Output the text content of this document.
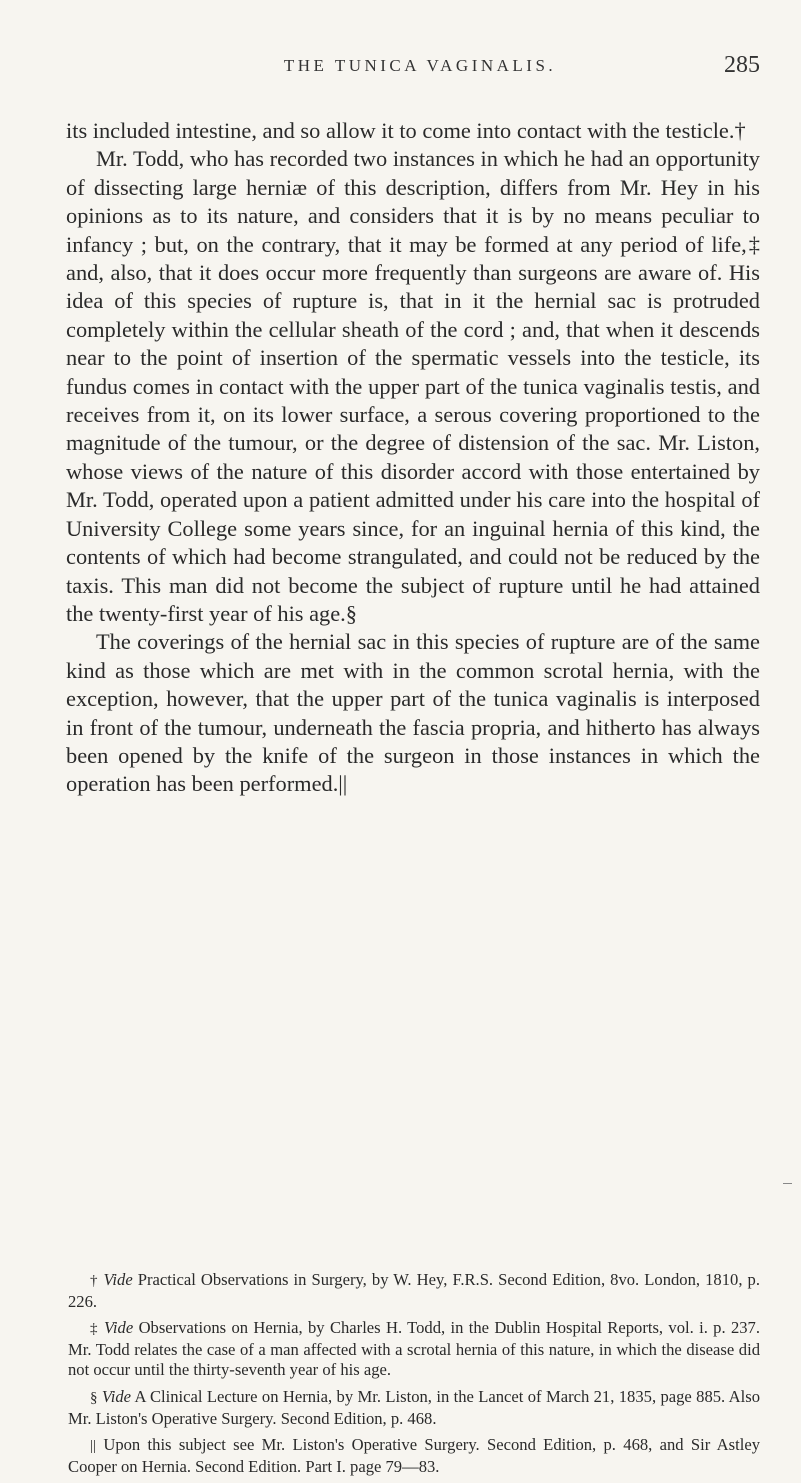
THE TUNICA VAGINALIS.	285

its included intestine, and so allow it to come into contact with the testicle.†

Mr. Todd, who has recorded two instances in which he had an opportunity of dissecting large herniæ of this description, differs from Mr. Hey in his opinions as to its nature, and considers that it is by no means peculiar to infancy ; but, on the contrary, that it may be formed at any period of life,‡ and, also, that it does occur more frequently than surgeons are aware of. His idea of this species of rupture is, that in it the hernial sac is protruded completely within the cellular sheath of the cord ; and, that when it descends near to the point of insertion of the spermatic vessels into the testicle, its fundus comes in contact with the upper part of the tunica vaginalis testis, and receives from it, on its lower surface, a serous covering proportioned to the magnitude of the tumour, or the degree of distension of the sac. Mr. Liston, whose views of the nature of this disorder accord with those entertained by Mr. Todd, operated upon a patient admitted under his care into the hospital of University College some years since, for an inguinal hernia of this kind, the contents of which had become strangulated, and could not be reduced by the taxis. This man did not become the subject of rupture until he had attained the twenty-first year of his age.§

The coverings of the hernial sac in this species of rupture are of the same kind as those which are met with in the common scrotal hernia, with the exception, however, that the upper part of the tunica vaginalis is interposed in front of the tumour, underneath the fascia propria, and hitherto has always been opened by the knife of the surgeon in those instances in which the operation has been performed.||

† Vide Practical Observations in Surgery, by W. Hey, F.R.S. Second Edition, 8vo. London, 1810, p. 226.

‡ Vide Observations on Hernia, by Charles H. Todd, in the Dublin Hospital Reports, vol. i. p. 237. Mr. Todd relates the case of a man affected with a scrotal hernia of this nature, in which the disease did not occur until the thirty-seventh year of his age.

§ Vide A Clinical Lecture on Hernia, by Mr. Liston, in the Lancet of March 21, 1835, page 885. Also Mr. Liston's Operative Surgery. Second Edition, p. 468.

|| Upon this subject see Mr. Liston's Operative Surgery. Second Edition, p. 468, and Sir Astley Cooper on Hernia. Second Edition. Part I. page 79—83.
